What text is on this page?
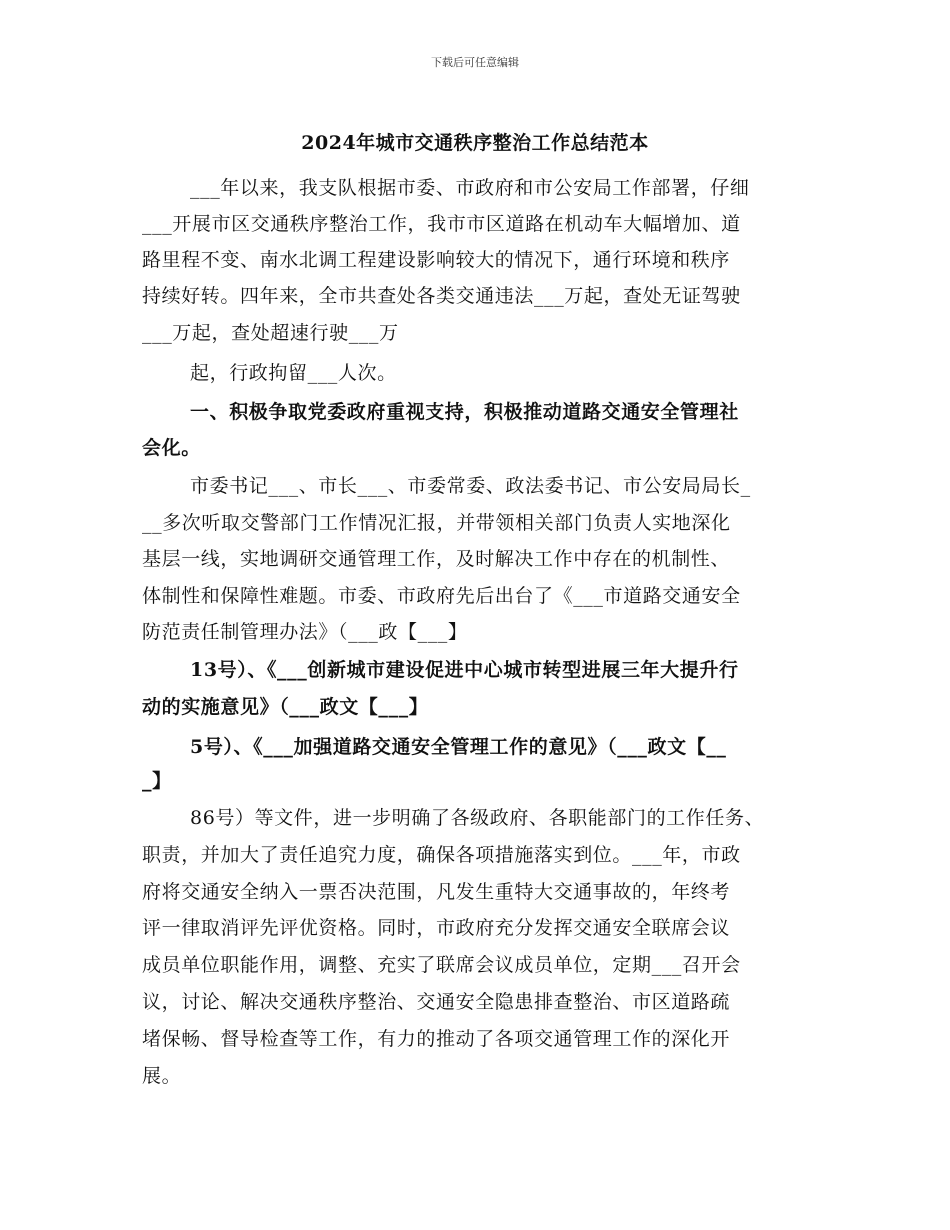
下载后可任意编辑
2024年城市交通秩序整治工作总结范本
___年以来，我支队根据市委、市政府和市公安局工作部署，仔细
___开展市区交通秩序整治工作，我市市区道路在机动车大幅增加、道
路里程不变、南水北调工程建设影响较大的情况下，通行环境和秩序
持续好转。四年来，全市共查处各类交通违法___万起，查处无证驾驶
___万起，查处超速行驶___万
起，行政拘留___人次。
一、积极争取党委政府重视支持，积极推动道路交通安全管理社
会化。
市委书记___、市长___、市委常委、政法委书记、市公安局局长_
__多次听取交警部门工作情况汇报，并带领相关部门负责人实地深化
基层一线，实地调研交通管理工作，及时解决工作中存在的机制性、
体制性和保障性难题。市委、市政府先后出台了《___市道路交通安全
防范责任制管理办法》（___政【___】
13号）、《___创新城市建设促进中心城市转型进展三年大提升行
动的实施意见》（___政文【___】
5号）、《___加强道路交通安全管理工作的意见》（___政文【__
_】
86号）等文件，进一步明确了各级政府、各职能部门的工作任务、
职责，并加大了责任追究力度，确保各项措施落实到位。___年，市政
府将交通安全纳入一票否决范围，凡发生重特大交通事故的，年终考
评一律取消评先评优资格。同时，市政府充分发挥交通安全联席会议
成员单位职能作用，调整、充实了联席会议成员单位，定期___召开会
议，讨论、解决交通秩序整治、交通安全隐患排查整治、市区道路疏
堵保畅、督导检查等工作，有力的推动了各项交通管理工作的深化开
展。
